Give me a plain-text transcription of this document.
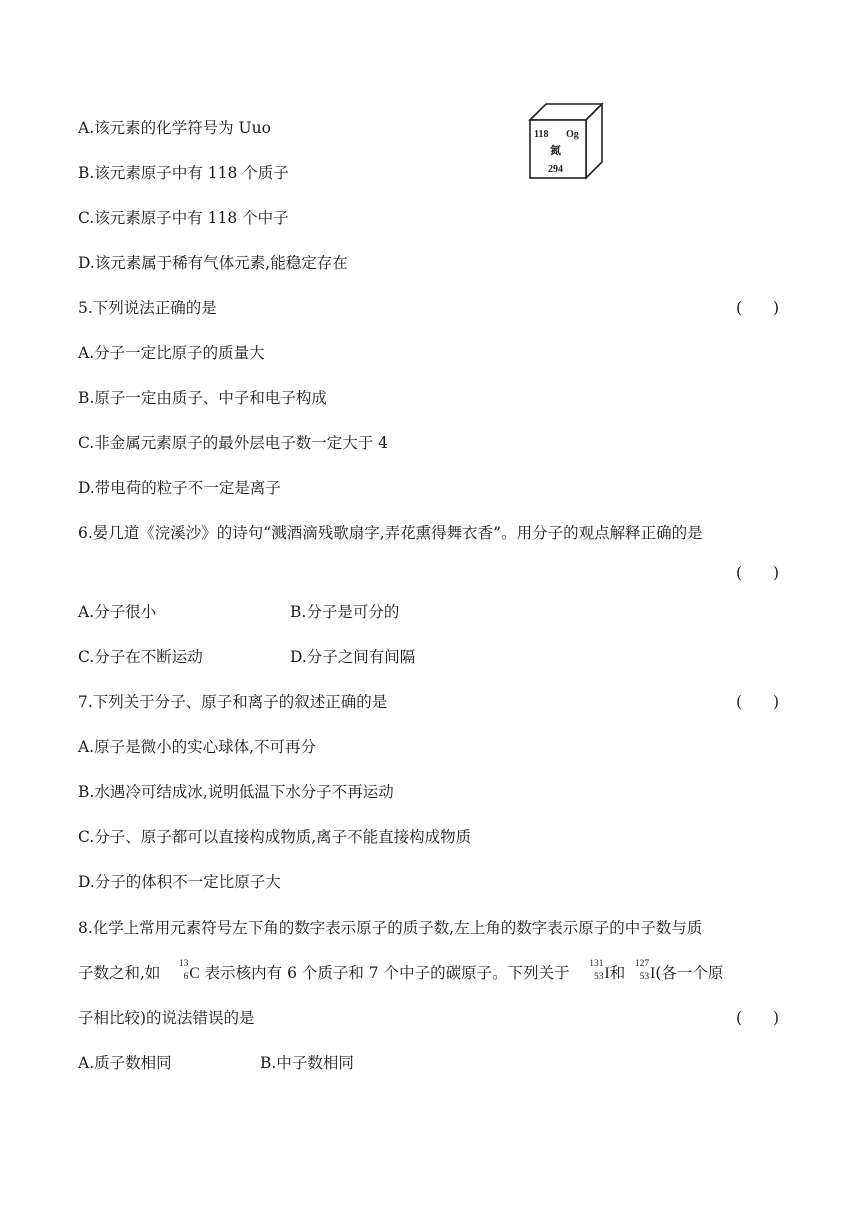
A.该元素的化学符号为 Uuo
B.该元素原子中有 118 个质子
C.该元素原子中有 118 个中子
D.该元素属于稀有气体元素,能稳定存在
118 Og
氮
294
5.下列说法正确的是	(　　)
A.分子一定比原子的质量大
B.原子一定由质子、中子和电子构成
C.非金属元素原子的最外层电子数一定大于 4
D.带电荷的粒子不一定是离子
6.晏几道《浣溪沙》的诗句“溅酒滴残歌扇字,弄花熏得舞衣香”。用分子的观点解释正确的是
(　　)
A.分子很小	B.分子是可分的
C.分子在不断运动	D.分子之间有间隔
7.下列关于分子、原子和离子的叙述正确的是	(　　)
A.原子是微小的实心球体,不可再分
B.水遇冷可结成冰,说明低温下水分子不再运动
C.分子、原子都可以直接构成物质,离子不能直接构成物质
D.分子的体积不一定比原子大
8.化学上常用元素符号左下角的数字表示原子的质子数,左上角的数字表示原子的中子数与质
子数之和,如 13
6 C 表示核内有 6 个质子和 7 个中子的碳原子。下列关于 131
53 I和 127
53 I(各一个原
子相比较)的说法错误的是	(　　)
A.质子数相同	B.中子数相同
